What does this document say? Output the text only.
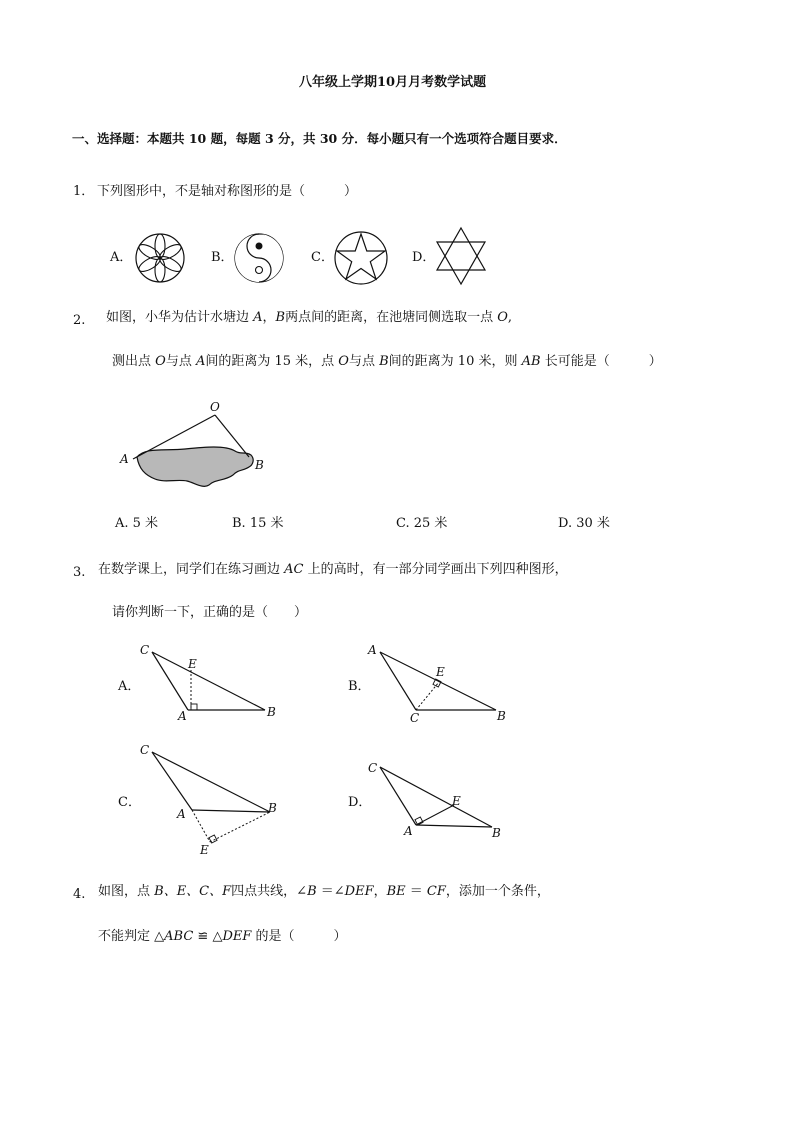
八年级上学期10月月考数学试题
一、选择题：本题共 10 题，每题 3 分，共 30 分．每小题只有一个选项符合题目要求．
1． 下列图形中，不是轴对称图形的是（　　　）
A．	B．	C．	D．
2. 如图，小华为估计水塘边 A，B两点间的距离，在池塘同侧选取一点 O,
测出点 O与点 A间的距离为 15 米，点 O与点 B间的距离为 10 米，则 AB 长可能是（　　　）
O
A	B
A. 5 米	B. 15 米	C. 25 米	D. 30 米
3. 在数学课上，同学们在练习画边 AC 上的高时，有一部分同学画出下列四种图形，
请你判断一下，正确的是（　　）
A．
C
E
A	B
B．
A
E
C	B
C．
C
A	B
E
D．
C
E
A	B
4. 如图，点 B、E、C、F四点共线，∠B ＝∠DEF，BE ＝ CF，添加一个条件，
不能判定 △ABC ≌ △DEF 的是（　　　）
